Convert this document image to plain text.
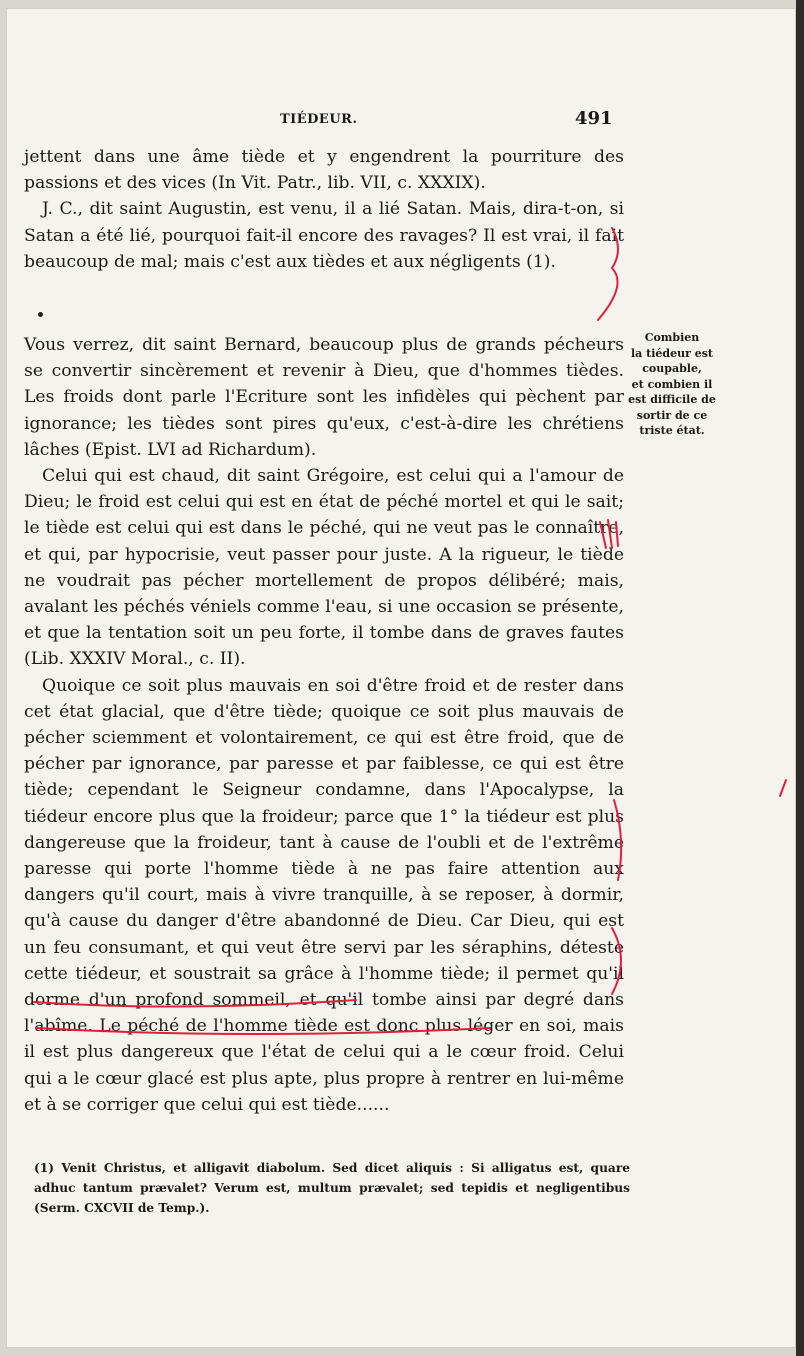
TIÉDEUR.	491

jettent dans une âme tiède et y engendrent la pourriture des passions et des vices (In Vit. Patr., lib. VII, c. XXXIX).

J. C., dit saint Augustin, est venu, il a lié Satan. Mais, dira-t-on, si Satan a été lié, pourquoi fait-il encore des ravages? Il est vrai, il fait beaucoup de mal; mais c'est aux tièdes et aux négligents (1).

Vous verrez, dit saint Bernard, beaucoup plus de grands pécheurs se convertir sincèrement et revenir à Dieu, que d'hommes tièdes. Les froids dont parle l'Ecriture sont les infidèles qui pèchent par ignorance; les tièdes sont pires qu'eux, c'est-à-dire les chrétiens lâches (Epist. LVI ad Richardum).

Celui qui est chaud, dit saint Grégoire, est celui qui a l'amour de Dieu; le froid est celui qui est en état de péché mortel et qui le sait; le tiède est celui qui est dans le péché, qui ne veut pas le connaître, et qui, par hypocrisie, veut passer pour juste. A la rigueur, le tiède ne voudrait pas pécher mortellement de propos délibéré; mais, avalant les péchés véniels comme l'eau, si une occasion se présente, et que la tentation soit un peu forte, il tombe dans de graves fautes (Lib. XXXIV Moral., c. II).

Quoique ce soit plus mauvais en soi d'être froid et de rester dans cet état glacial, que d'être tiède; quoique ce soit plus mauvais de pécher sciemment et volontairement, ce qui est être froid, que de pécher par ignorance, par paresse et par faiblesse, ce qui est être tiède; cependant le Seigneur condamne, dans l'Apocalypse, la tiédeur encore plus que la froideur; parce que 1° la tiédeur est plus dangereuse que la froideur, tant à cause de l'oubli et de l'extrême paresse qui porte l'homme tiède à ne pas faire attention aux dangers qu'il court, mais à vivre tranquille, à se reposer, à dormir, qu'à cause du danger d'être abandonné de Dieu. Car Dieu, qui est un feu consumant, et qui veut être servi par les séraphins, déteste cette tiédeur, et soustrait sa grâce à l'homme tiède; il permet qu'il dorme d'un profond sommeil, et qu'il tombe ainsi par degré dans l'abîme. Le péché de l'homme tiède est donc plus léger en soi, mais il est plus dangereux que l'état de celui qui a le cœur froid. Celui qui a le cœur glacé est plus apte, plus propre à rentrer en lui-même et à se corriger que celui qui est tiède......

Combien
la tiédeur est
coupable,
et combien il
est difficile de
sortir de ce
triste état.
(1) Venit Christus, et alligavit diabolum. Sed dicet aliquis : Si alligatus est, quare adhuc tantum prævalet? Verum est, multum prævalet; sed tepidis et negligentibus (Serm. CXCVII de Temp.).
